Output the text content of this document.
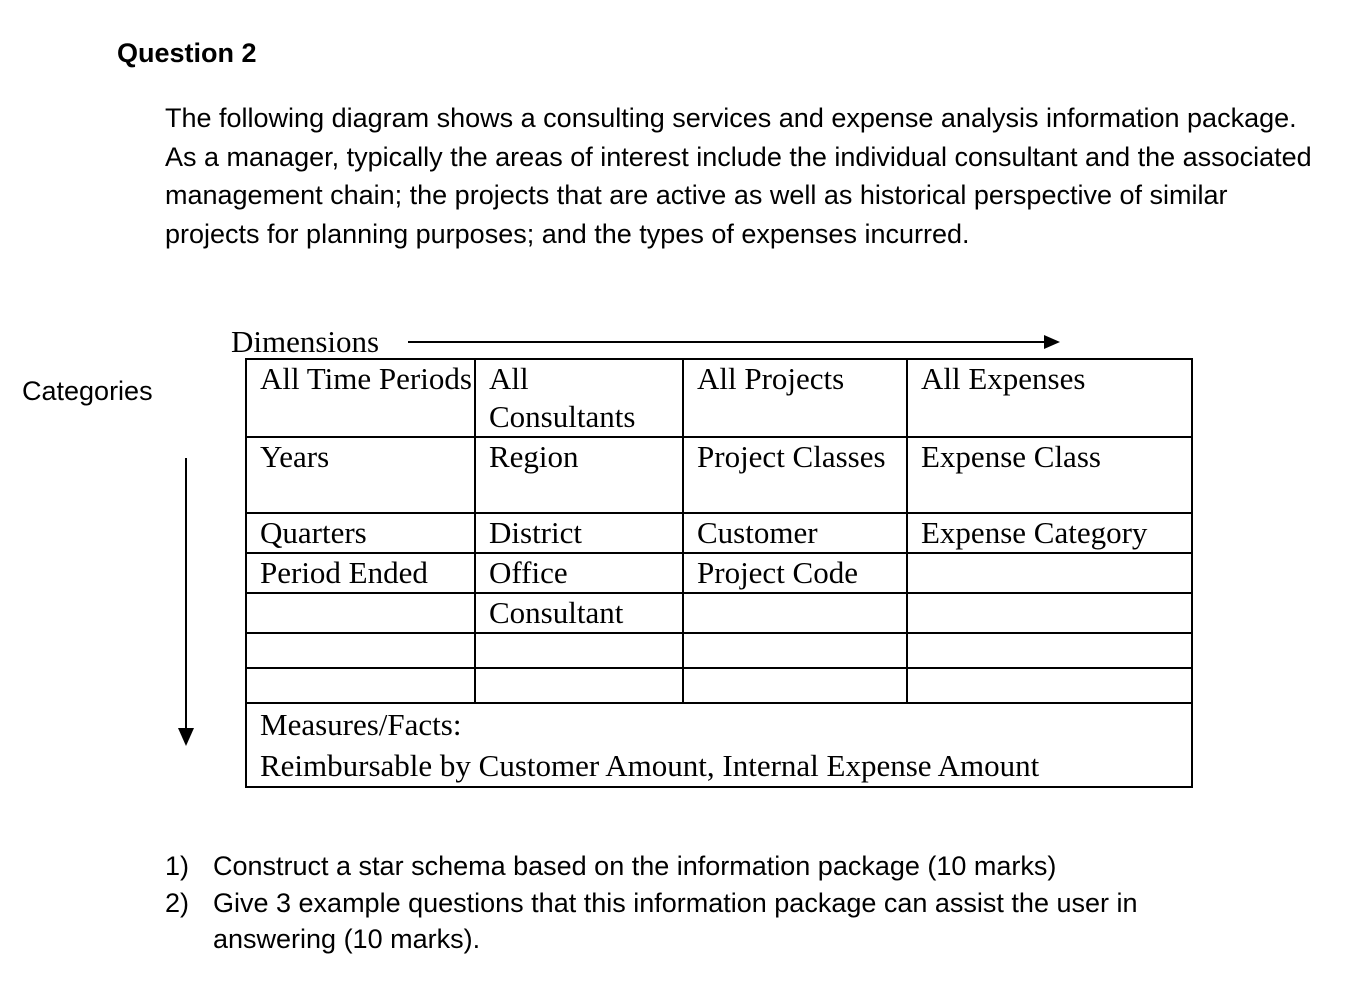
Question 2

The following diagram shows a consulting services and expense analysis information package. As a manager, typically the areas of interest include the individual consultant and the associated management chain; the projects that are active as well as historical perspective of similar projects for planning purposes; and the types of expenses incurred.

Categories
Dimensions
All Time Periods	All Consultants	All Projects	All Expenses
Years	Region	Project Classes	Expense Class
Quarters	District	Customer	Expense Category
Period Ended	Office	Project Code	
	Consultant		

Measures/Facts:
Reimbursable by Customer Amount, Internal Expense Amount			
1) Construct a star schema based on the information package (10 marks)
2) Give 3 example questions that this information package can assist the user in answering (10 marks).
